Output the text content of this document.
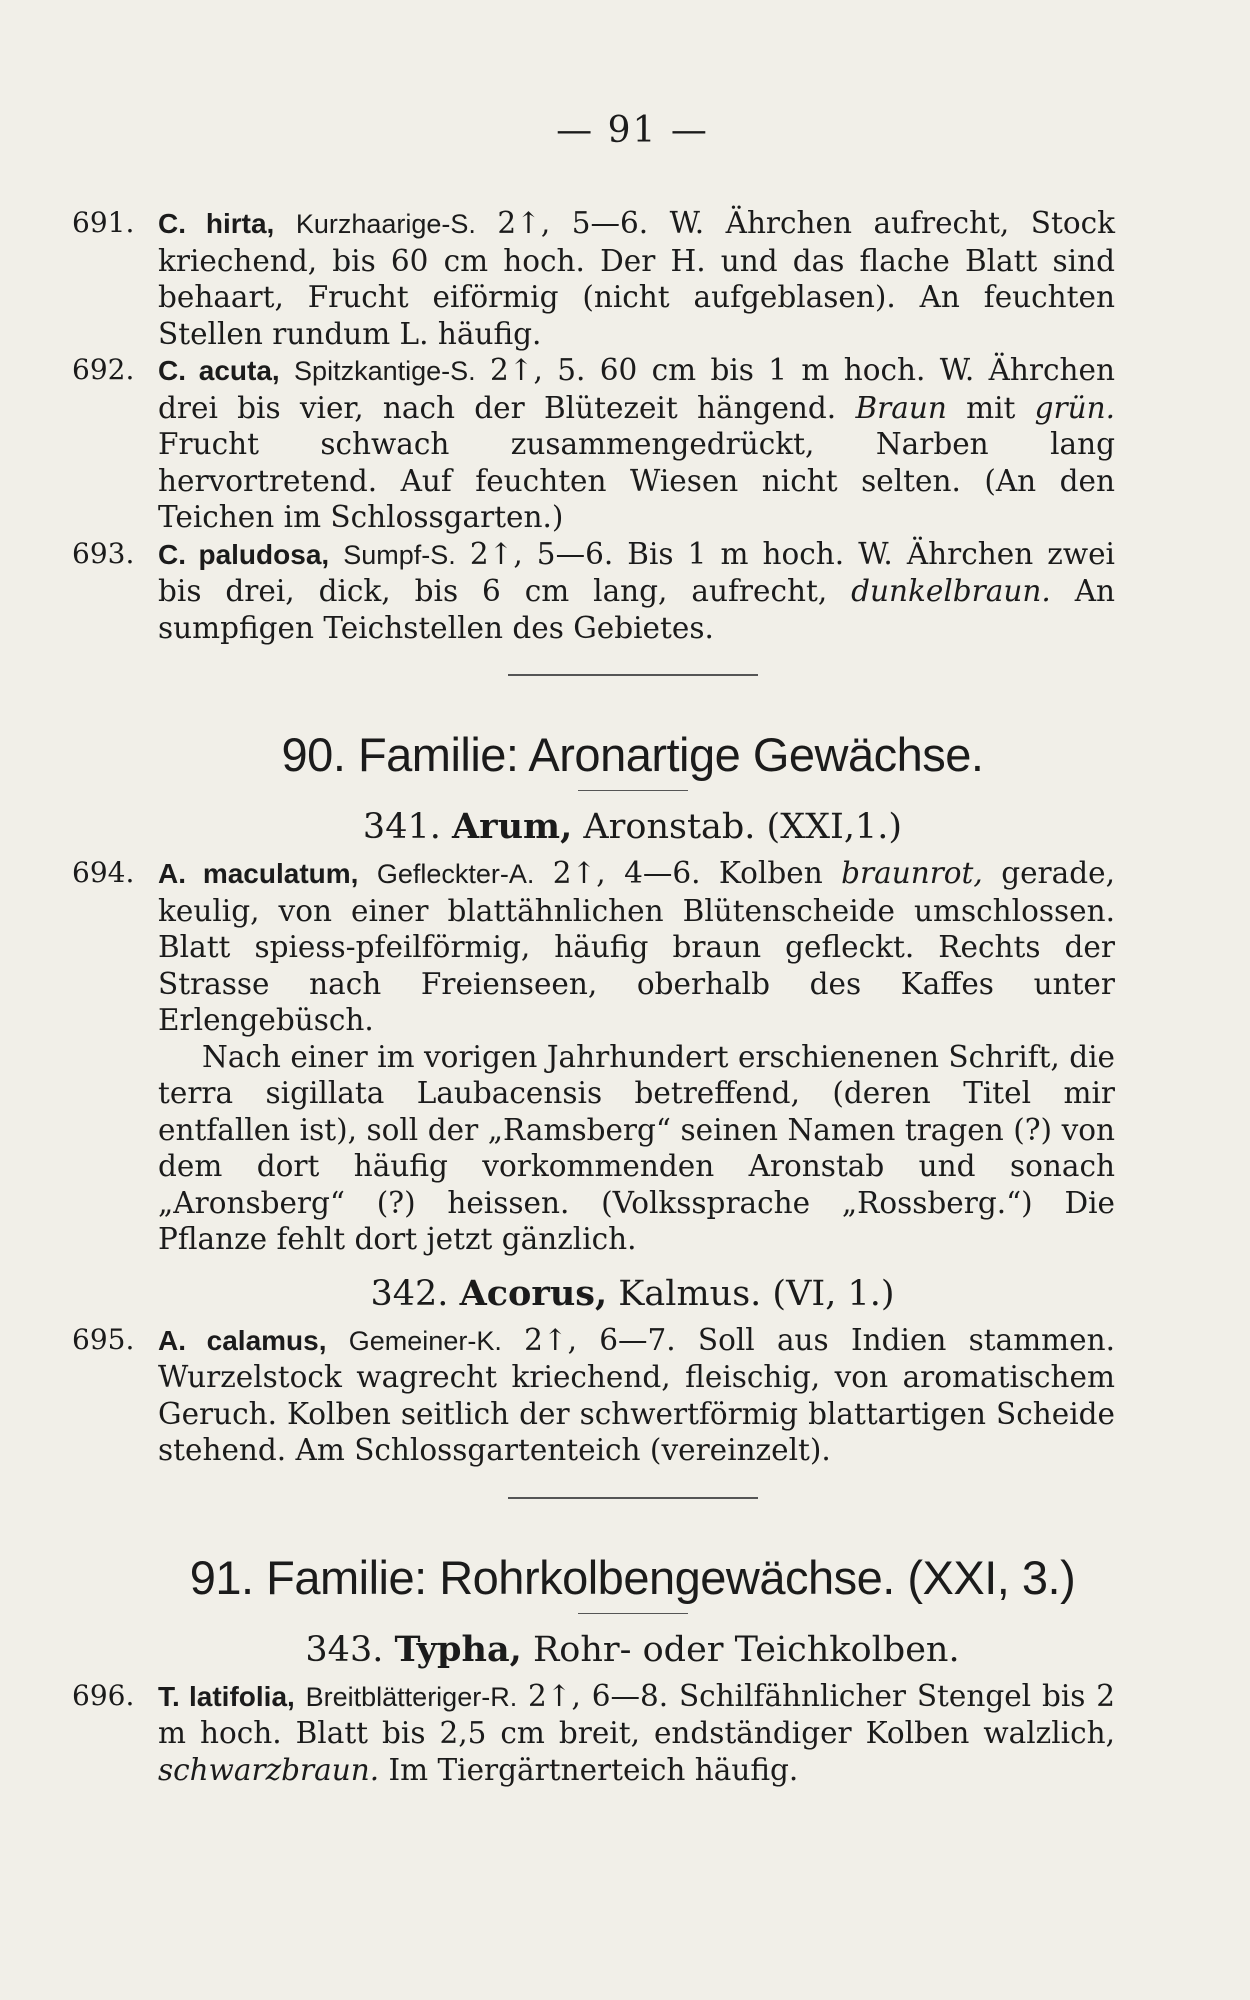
— 91 —
691. C. hirta, Kurzhaarige-S. 2↑, 5—6. W. Ährchen aufrecht, Stock kriechend, bis 60 cm hoch. Der H. und das flache Blatt sind behaart, Frucht eiförmig (nicht aufgeblasen). An feuchten Stellen rundum L. häufig.
692. C. acuta, Spitzkantige-S. 2↑, 5. 60 cm bis 1 m hoch. W. Ährchen drei bis vier, nach der Blütezeit hängend. Braun mit grün. Frucht schwach zusammengedrückt, Narben lang hervortretend. Auf feuchten Wiesen nicht selten. (An den Teichen im Schlossgarten.)
693. C. paludosa, Sumpf-S. 2↑, 5—6. Bis 1 m hoch. W. Ährchen zwei bis drei, dick, bis 6 cm lang, aufrecht, dunkelbraun. An sumpfigen Teichstellen des Gebietes.
90. Familie: Aronartige Gewächse.
341. Arum, Aronstab. (XXI,1.)
694. A. maculatum, Gefleckter-A. 2↑, 4—6. Kolben braunrot, gerade, keulig, von einer blattähnlichen Blütenscheide umschlossen. Blatt spiess-pfeilförmig, häufig braun gefleckt. Rechts der Strasse nach Freienseen, oberhalb des Kaffes unter Erlengebüsch.
Nach einer im vorigen Jahrhundert erschienenen Schrift, die terra sigillata Laubacensis betreffend, (deren Titel mir entfallen ist), soll der „Ramsberg“ seinen Namen tragen (?) von dem dort häufig vorkommenden Aronstab und sonach „Aronsberg“ (?) heissen. (Volkssprache „Rossberg.“) Die Pflanze fehlt dort jetzt gänzlich.
342. Acorus, Kalmus. (VI, 1.)
695. A. calamus, Gemeiner-K. 2↑, 6—7. Soll aus Indien stammen. Wurzelstock wagrecht kriechend, fleischig, von aromatischem Geruch. Kolben seitlich der schwertförmig blattartigen Scheide stehend. Am Schlossgartenteich (vereinzelt).
91. Familie: Rohrkolbengewächse. (XXI, 3.)
343. Typha, Rohr- oder Teichkolben.
696. T. latifolia, Breitblätteriger-R. 2↑, 6—8. Schilfähnlicher Stengel bis 2 m hoch. Blatt bis 2,5 cm breit, endständiger Kolben walzlich, schwarzbraun. Im Tiergärtnerteich häufig.
